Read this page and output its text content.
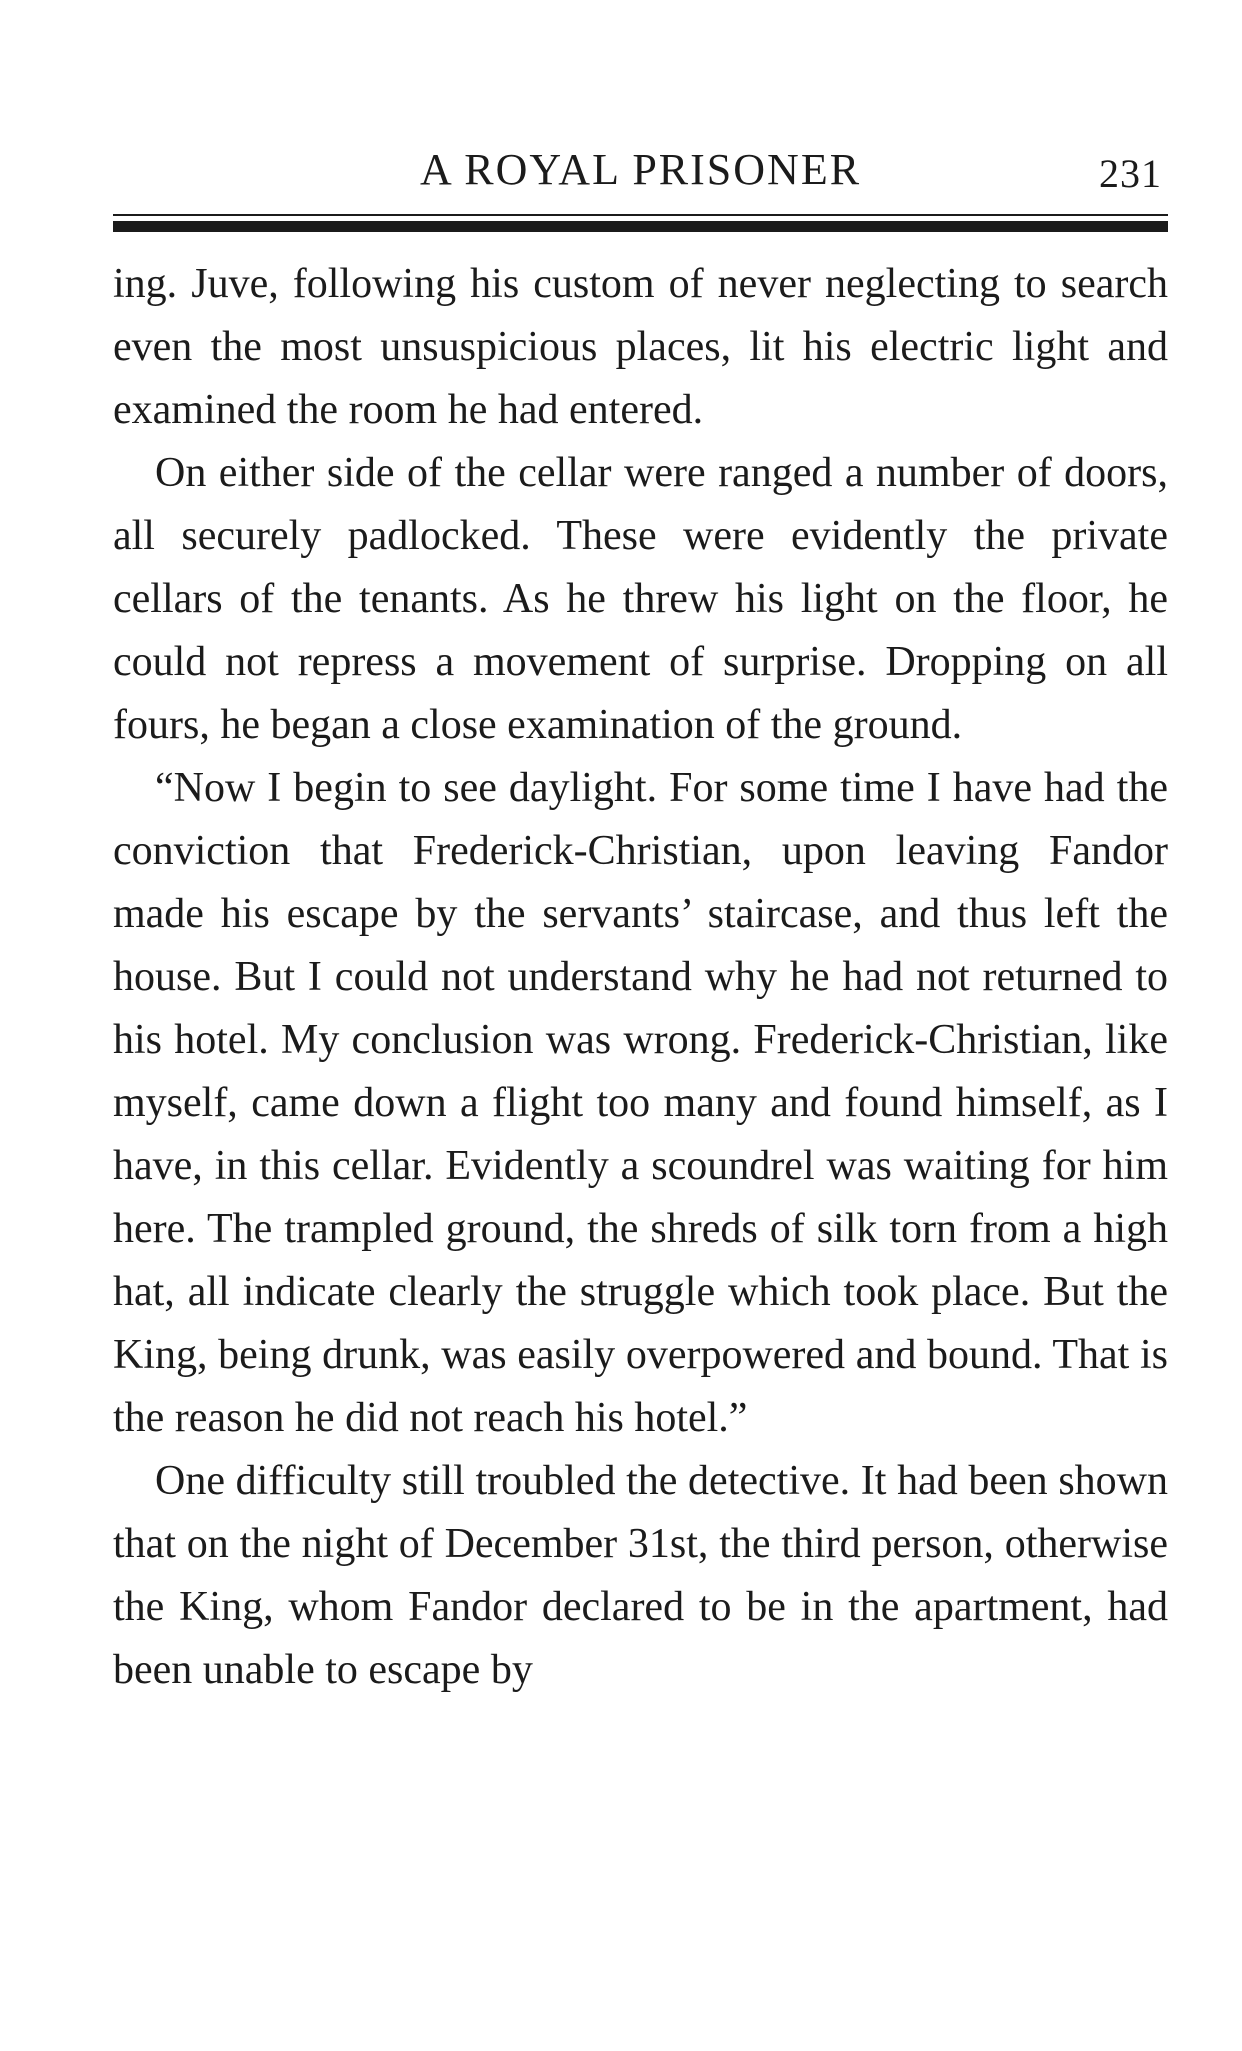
A ROYAL PRISONER	231

ing. Juve, following his custom of never neglecting to search even the most unsuspicious places, lit his electric light and examined the room he had entered.

On either side of the cellar were ranged a number of doors, all securely padlocked. These were evidently the private cellars of the tenants. As he threw his light on the floor, he could not repress a movement of surprise. Dropping on all fours, he began a close examination of the ground.

“Now I begin to see daylight. For some time I have had the conviction that Frederick-Christian, upon leaving Fandor made his escape by the servants’ staircase, and thus left the house. But I could not understand why he had not returned to his hotel. My conclusion was wrong. Frederick-Christian, like myself, came down a flight too many and found himself, as I have, in this cellar. Evidently a scoundrel was waiting for him here. The trampled ground, the shreds of silk torn from a high hat, all indicate clearly the struggle which took place. But the King, being drunk, was easily overpowered and bound. That is the reason he did not reach his hotel.”

One difficulty still troubled the detective. It had been shown that on the night of December 31st, the third person, otherwise the King, whom Fandor declared to be in the apartment, had been unable to escape by
